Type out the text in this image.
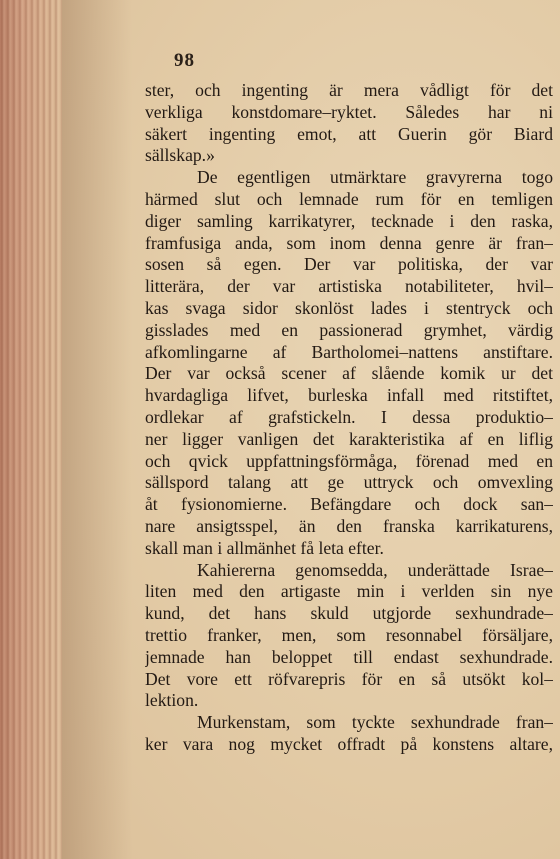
98
ster, och ingenting är mera vådligt för det
verkliga konstdomare–ryktet. Således har ni
säkert ingenting emot, att Guerin gör Biard
sällskap.»
De egentligen utmärktare gravyrerna togo
härmed slut och lemnade rum för en temligen
diger samling karrikatyrer, tecknade i den raska,
framfusiga anda, som inom denna genre är fran–
sosen så egen. Der var politiska, der var
litterära, der var artistiska notabiliteter, hvil–
kas svaga sidor skonlöst lades i stentryck och
gisslades med en passionerad grymhet, värdig
afkomlingarne af Bartholomei–nattens anstiftare.
Der var också scener af slående komik ur det
hvardagliga lifvet, burleska infall med ritstiftet,
ordlekar af grafstickeln. I dessa produktio–
ner ligger vanligen det karakteristika af en liflig
och qvick uppfattningsförmåga, förenad med en
sällspord talang att ge uttryck och omvexling
åt fysionomierne. Befängdare och dock san–
nare ansigtsspel, än den franska karrikaturens,
skall man i allmänhet få leta efter.
Kahiererna genomsedda, underättade Israe–
liten med den artigaste min i verlden sin nye
kund, det hans skuld utgjorde sexhundrade–
trettio franker, men, som resonnabel försäljare,
jemnade han beloppet till endast sexhundrade.
Det vore ett röfvarepris för en så utsökt kol–
lektion.
Murkenstam, som tyckte sexhundrade fran–
ker vara nog mycket offradt på konstens altare,
